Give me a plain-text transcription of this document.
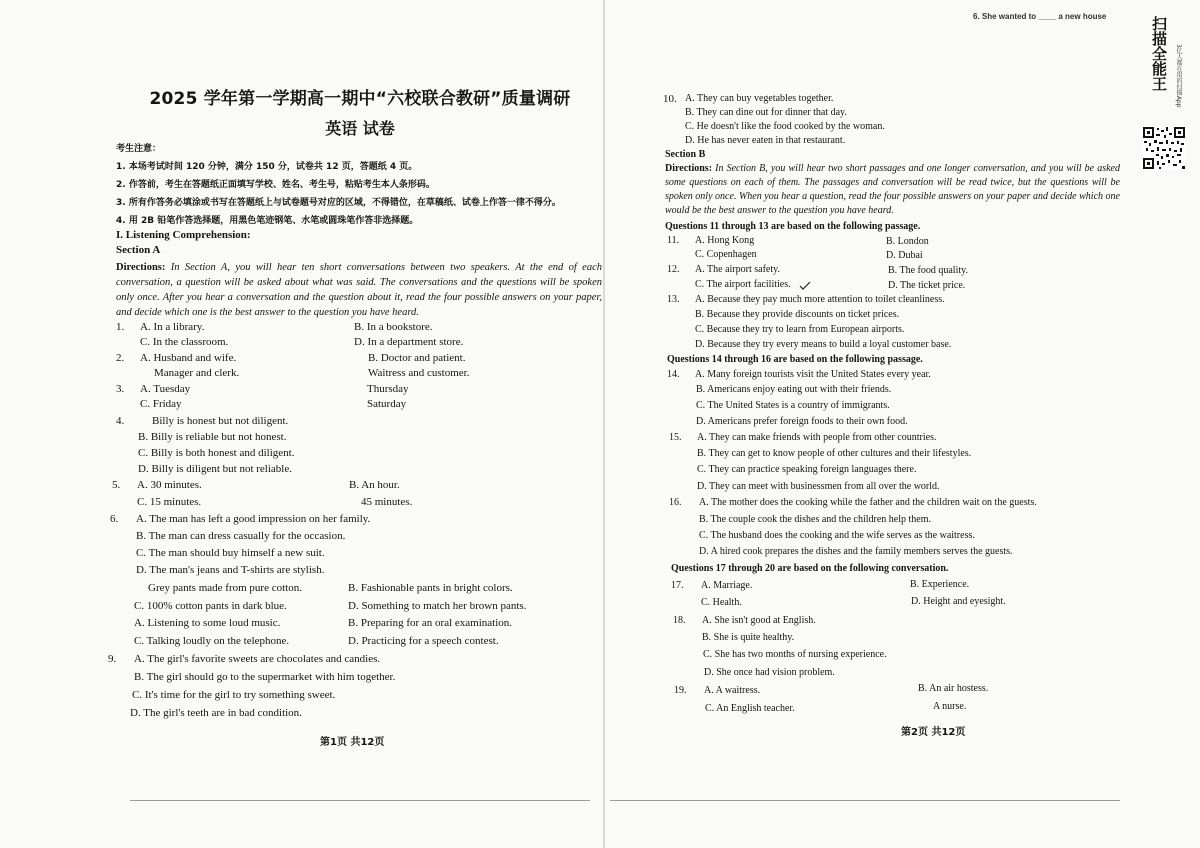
6. She wanted to ____ a new house	扫描全能王	3亿人都在用的扫描App
2025 学年第一学期高一期中“六校联合教研”质量调研
英语 试卷
考生注意：
1. 本场考试时间 120 分钟，满分 150 分，试卷共 12 页，答题纸 4 页。
2. 作答前，考生在答题纸正面填写学校、姓名、考生号，粘贴考生本人条形码。
3. 所有作答务必填涂或书写在答题纸上与试卷题号对应的区域，不得错位，在草稿纸、试卷上作答一律不得分。
4. 用 2B 铅笔作答选择题，用黑色笔迹钢笔、水笔或圆珠笔作答非选择题。
I. Listening Comprehension:
Section A
Directions: In Section A, you will hear ten short conversations between two speakers. At the end of each conversation, a question will be asked about what was said. The conversations and the questions will be spoken only once. After you hear a conversation and the question about it, read the four possible answers on your paper, and decide which one is the best answer to the question you have heard.
1. A. In a library.	B. In a bookstore.
C. In the classroom.	D. In a department store.
2. A. Husband and wife.	B. Doctor and patient.
Manager and clerk.	Waitress and customer.
3. A. Tuesday	Thursday
C. Friday	Saturday
4.	Billy is honest but not diligent.
B. Billy is reliable but not honest.
C. Billy is both honest and diligent.
D. Billy is diligent but not reliable.
5. A. 30 minutes.	B. An hour.
C. 15 minutes.	45 minutes.
6. A. The man has left a good impression on her family.
B. The man can dress casually for the occasion.
C. The man should buy himself a new suit.
D. The man's jeans and T-shirts are stylish.
Grey pants made from pure cotton.	B. Fashionable pants in bright colors.
C. 100% cotton pants in dark blue.	D. Something to match her brown pants.
A. Listening to some loud music.	B. Preparing for an oral examination.
C. Talking loudly on the telephone.	D. Practicing for a speech contest.
9. A. The girl's favorite sweets are chocolates and candies.
B. The girl should go to the supermarket with him together.
C. It's time for the girl to try something sweet.
D. The girl's teeth are in bad condition.
第1页 共12页
10. A. They can buy vegetables together.
B. They can dine out for dinner that day.
C. He doesn't like the food cooked by the woman.
D. He has never eaten in that restaurant.
Section B
Directions: In Section B, you will hear two short passages and one longer conversation, and you will be asked some questions on each of them. The passages and conversation will be read twice, but the questions will be spoken only once. When you hear a question, read the four possible answers on your paper and decide which one would be the best answer to the question you have heard.
Questions 11 through 13 are based on the following passage.
11. A. Hong Kong	B. London
C. Copenhagen	D. Dubai
12. A. The airport safety.	B. The food quality.
C. The airport facilities.	D. The ticket price.
13. A. Because they pay much more attention to toilet cleanliness.
B. Because they provide discounts on ticket prices.
C. Because they try to learn from European airports.
D. Because they try every means to build a loyal customer base.
Questions 14 through 16 are based on the following passage.
14. A. Many foreign tourists visit the United States every year.
B. Americans enjoy eating out with their friends.
C. The United States is a country of immigrants.
D. Americans prefer foreign foods to their own food.
15. A. They can make friends with people from other countries.
B. They can get to know people of other cultures and their lifestyles.
C. They can practice speaking foreign languages there.
D. They can meet with businessmen from all over the world.
16. A. The mother does the cooking while the father and the children wait on the guests.
B. The couple cook the dishes and the children help them.
C. The husband does the cooking and the wife serves as the waitress.
D. A hired cook prepares the dishes and the family members serves the guests.
Questions 17 through 20 are based on the following conversation.
17. A. Marriage.	B. Experience.
C. Health.	D. Height and eyesight.
18. A. She isn't good at English.
B. She is quite healthy.
C. She has two months of nursing experience.
D. She once had vision problem.
19. A. A waitress.	B. An air hostess.
C. An English teacher.	A nurse.
第2页 共12页
